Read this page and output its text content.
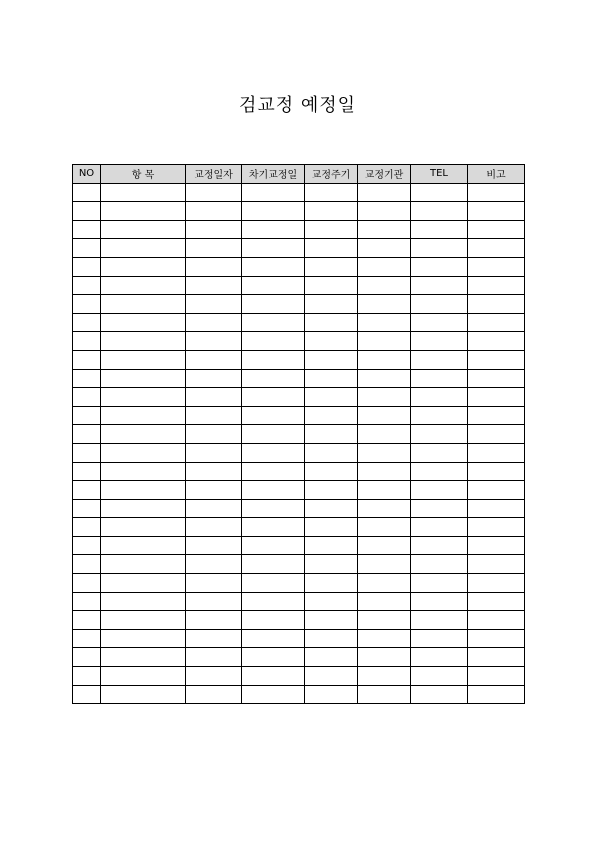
검교정 예정일
NO	항 목	교정일자	차기교정일	교정주기	교정기관	TEL	비고
